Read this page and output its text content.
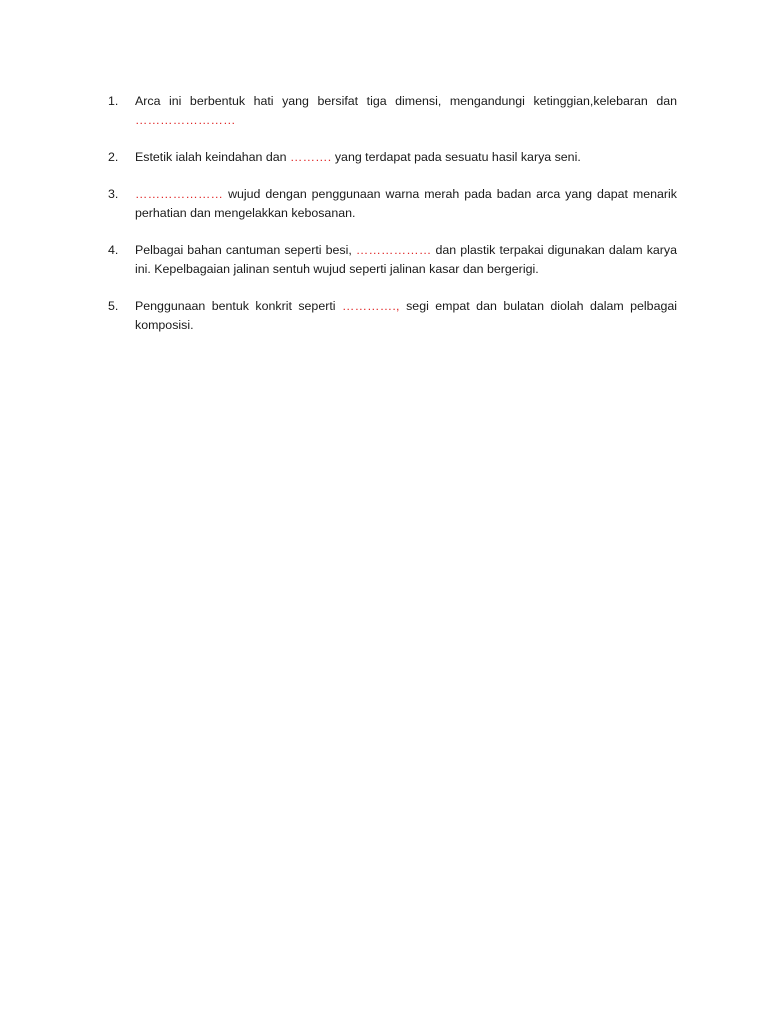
1.	Arca ini berbentuk hati yang bersifat tiga dimensi, mengandungi ketinggian,kelebaran dan ……………………
2.	Estetik ialah keindahan dan ………. yang terdapat pada sesuatu hasil karya seni.
3.	………………… wujud dengan penggunaan warna merah pada badan arca yang dapat menarik perhatian dan mengelakkan kebosanan.
4.	Pelbagai bahan cantuman seperti besi, ……………… dan plastik terpakai digunakan dalam karya ini. Kepelbagaian jalinan sentuh wujud seperti jalinan kasar dan bergerigi.
5.	Penggunaan bentuk konkrit seperti …………., segi empat dan bulatan diolah dalam pelbagai komposisi.
